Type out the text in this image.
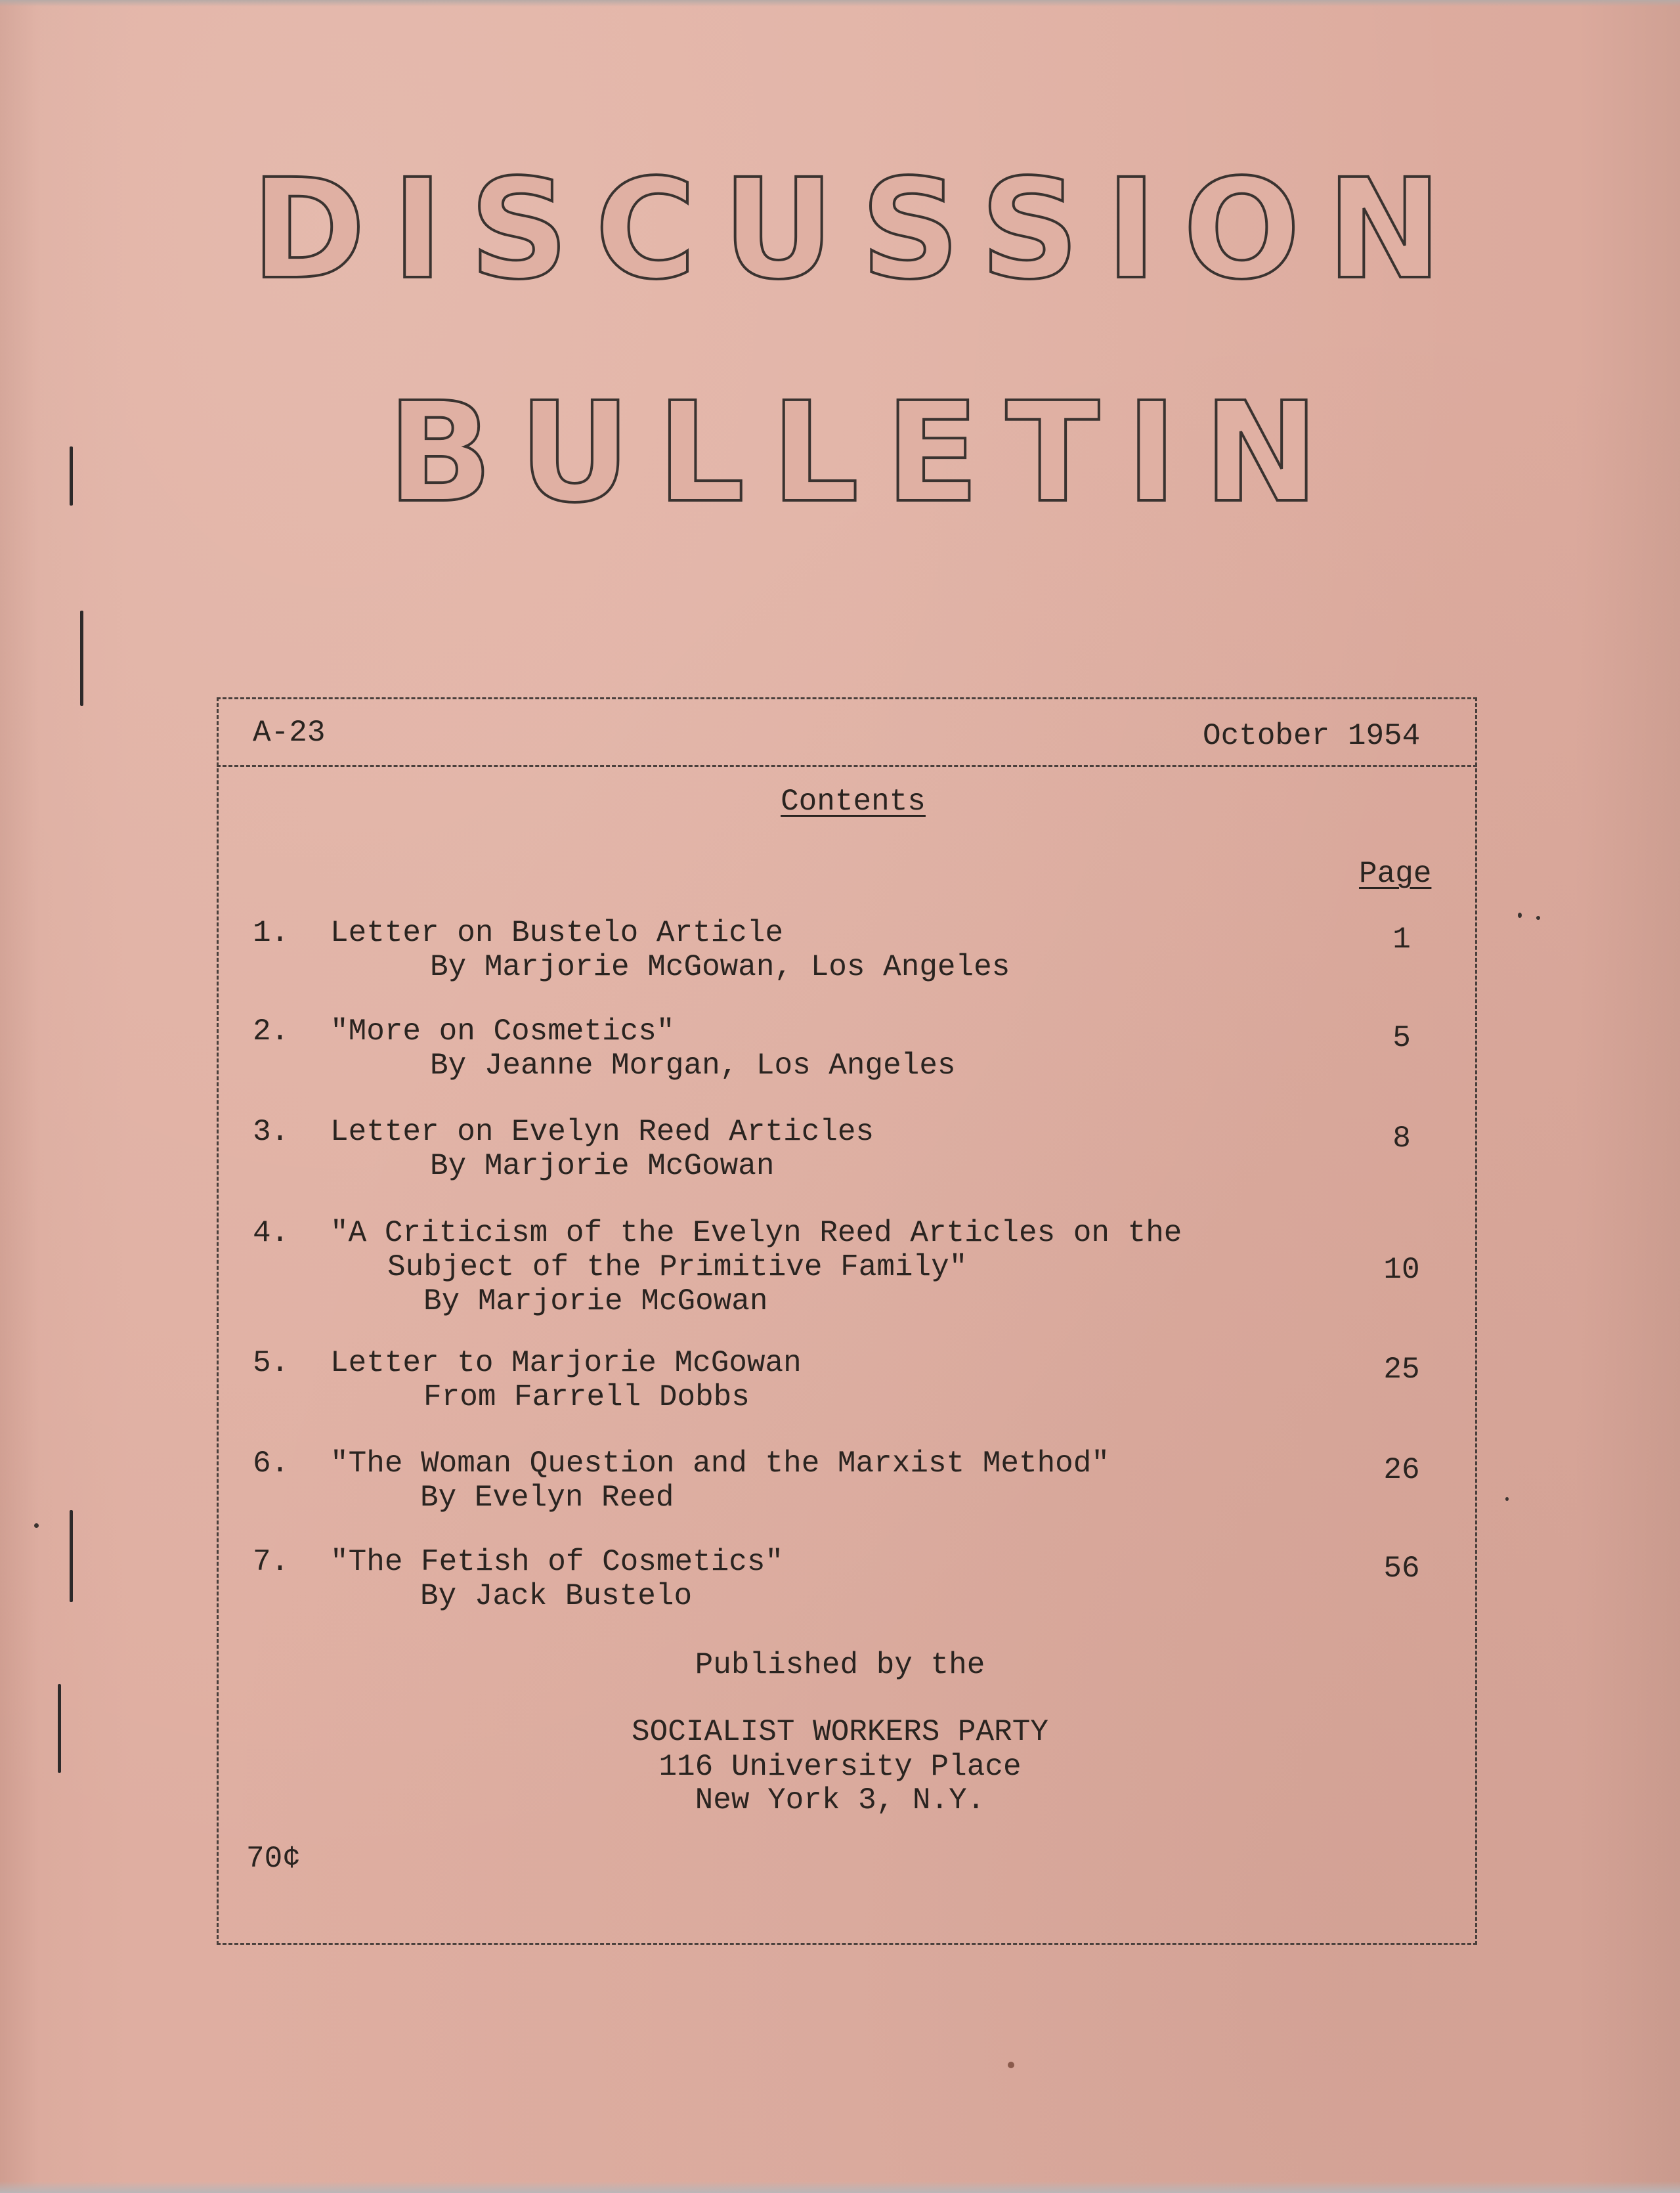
DISCUSSION
BULLETIN
A-23	October 1954
Contents
Page
1. Letter on Bustelo Article
By Marjorie McGowan, Los Angeles
1
2. "More on Cosmetics"
By Jeanne Morgan, Los Angeles
5
3. Letter on Evelyn Reed Articles
By Marjorie McGowan
8
4. "A Criticism of the Evelyn Reed Articles on the
Subject of the Primitive Family"
By Marjorie McGowan
10
5. Letter to Marjorie McGowan
From Farrell Dobbs
25
6. "The Woman Question and the Marxist Method"
By Evelyn Reed
26
7. "The Fetish of Cosmetics"
By Jack Bustelo
56
Published by the
SOCIALIST WORKERS PARTY
116 University Place
New York 3, N.Y.
70¢
